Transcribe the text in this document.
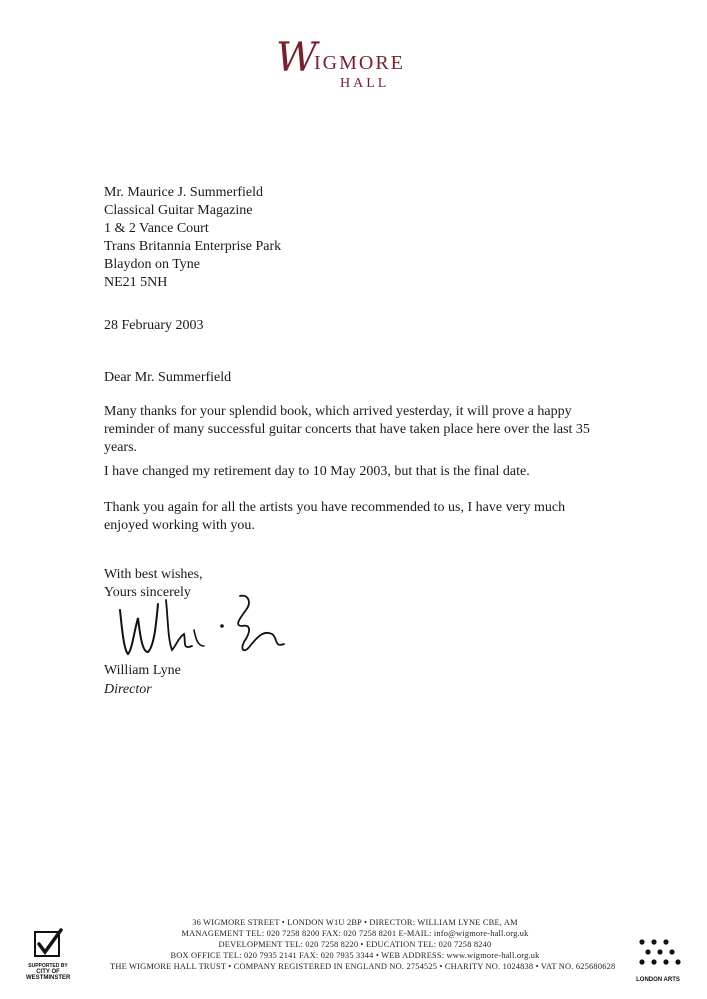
W
IGMORE
HALL
Mr. Maurice J. Summerfield
Classical Guitar Magazine
1 & 2 Vance Court
Trans Britannia Enterprise Park
Blaydon on Tyne
NE21 5NH
28 February 2003
Dear Mr. Summerfield
Many thanks for your splendid book, which arrived yesterday, it will prove a happy reminder of many successful guitar concerts that have taken place here over the last 35 years.
I have changed my retirement day to 10 May 2003, but that is the final date.
Thank you again for all the artists you have recommended to us, I have very much enjoyed working with you.
With best wishes,
Yours sincerely
William Lyne
Director
36 WIGMORE STREET • LONDON W1U 2BP • DIRECTOR: WILLIAM LYNE CBE, AM
MANAGEMENT TEL: 020 7258 8200 FAX: 020 7258 8201 E-MAIL: info@wigmore-hall.org.uk
DEVELOPMENT TEL: 020 7258 8220 • EDUCATION TEL: 020 7258 8240
BOX OFFICE TEL: 020 7935 2141 FAX: 020 7935 3344 • WEB ADDRESS: www.wigmore-hall.org.uk
THE WIGMORE HALL TRUST • COMPANY REGISTERED IN ENGLAND NO. 2754525 • CHARITY NO. 1024838 • VAT NO. 625680628
SUPPORTED BY
CITY OF
WESTMINSTER	LONDON ARTS
